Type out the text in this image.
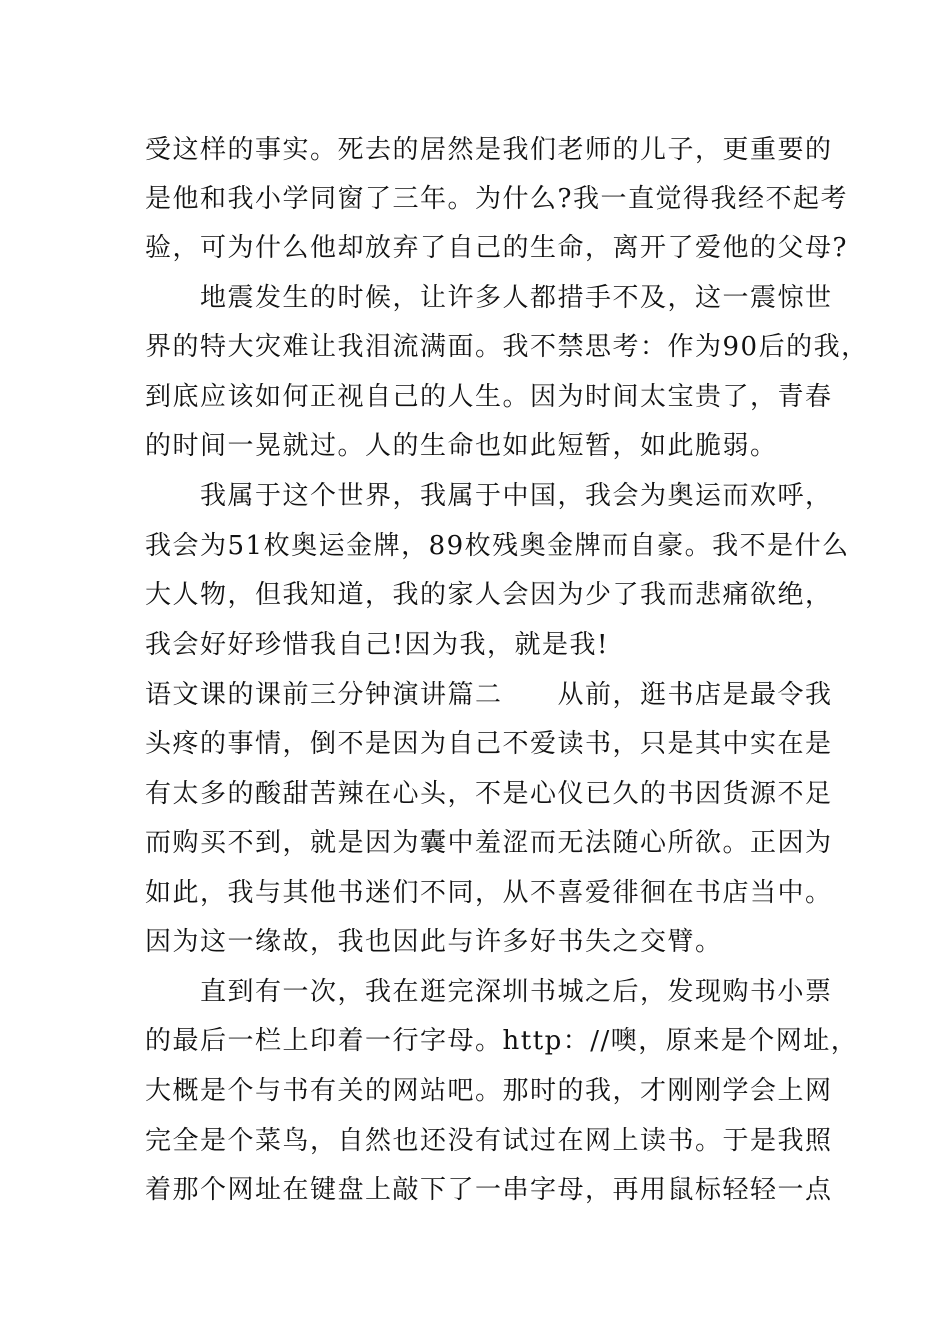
受这样的事实。死去的居然是我们老师的儿子，更重要的
是他和我小学同窗了三年。为什么?我一直觉得我经不起考
验，可为什么他却放弃了自己的生命，离开了爱他的父母?
地震发生的时候，让许多人都措手不及，这一震惊世
界的特大灾难让我泪流满面。我不禁思考：作为90后的我，
到底应该如何正视自己的人生。因为时间太宝贵了，青春
的时间一晃就过。人的生命也如此短暂，如此脆弱。
我属于这个世界，我属于中国，我会为奥运而欢呼，
我会为51枚奥运金牌，89枚残奥金牌而自豪。我不是什么
大人物，但我知道，我的家人会因为少了我而悲痛欲绝，
我会好好珍惜我自己!因为我，就是我!
语文课的课前三分钟演讲篇二　　从前，逛书店是最令我
头疼的事情，倒不是因为自己不爱读书，只是其中实在是
有太多的酸甜苦辣在心头，不是心仪已久的书因货源不足
而购买不到，就是因为囊中羞涩而无法随心所欲。正因为
如此，我与其他书迷们不同，从不喜爱徘徊在书店当中。
因为这一缘故，我也因此与许多好书失之交臂。
直到有一次，我在逛完深圳书城之后，发现购书小票
的最后一栏上印着一行字母。http：//噢，原来是个网址，
大概是个与书有关的网站吧。那时的我，才刚刚学会上网
完全是个菜鸟，自然也还没有试过在网上读书。于是我照
着那个网址在键盘上敲下了一串字母，再用鼠标轻轻一点
